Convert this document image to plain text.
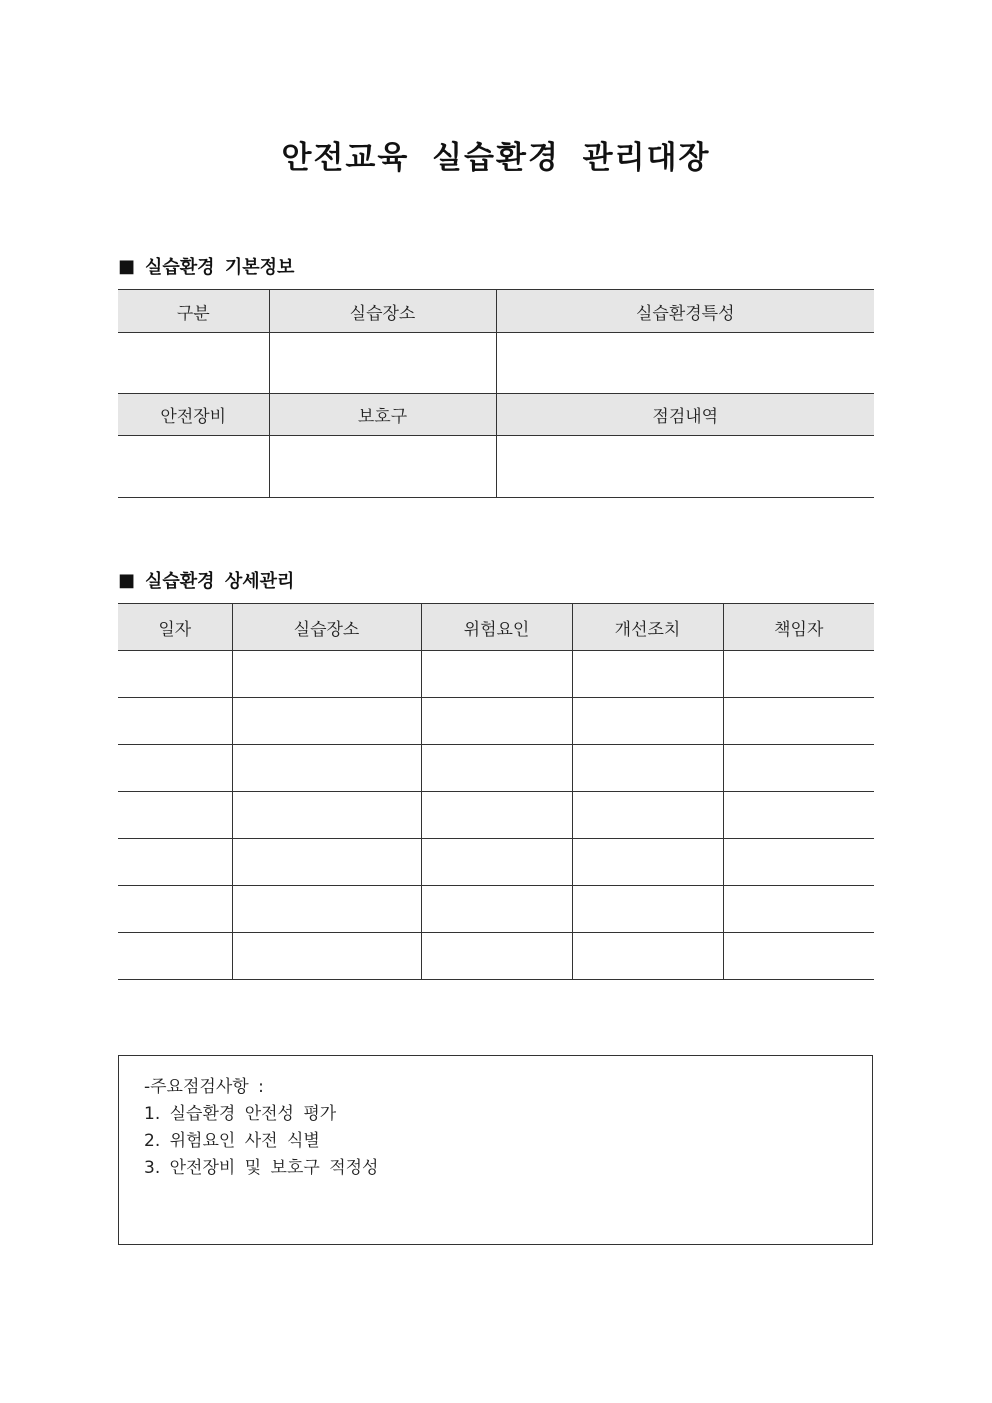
안전교육 실습환경 관리대장
■ 실습환경 기본정보
구분	실습장소	실습환경특성

안전장비	보호구	점검내역

■ 실습환경 상세관리
일자	실습장소	위험요인	개선조치	책임자

-주요점검사항 :
1. 실습환경 안전성 평가
2. 위험요인 사전 식별
3. 안전장비 및 보호구 적정성
